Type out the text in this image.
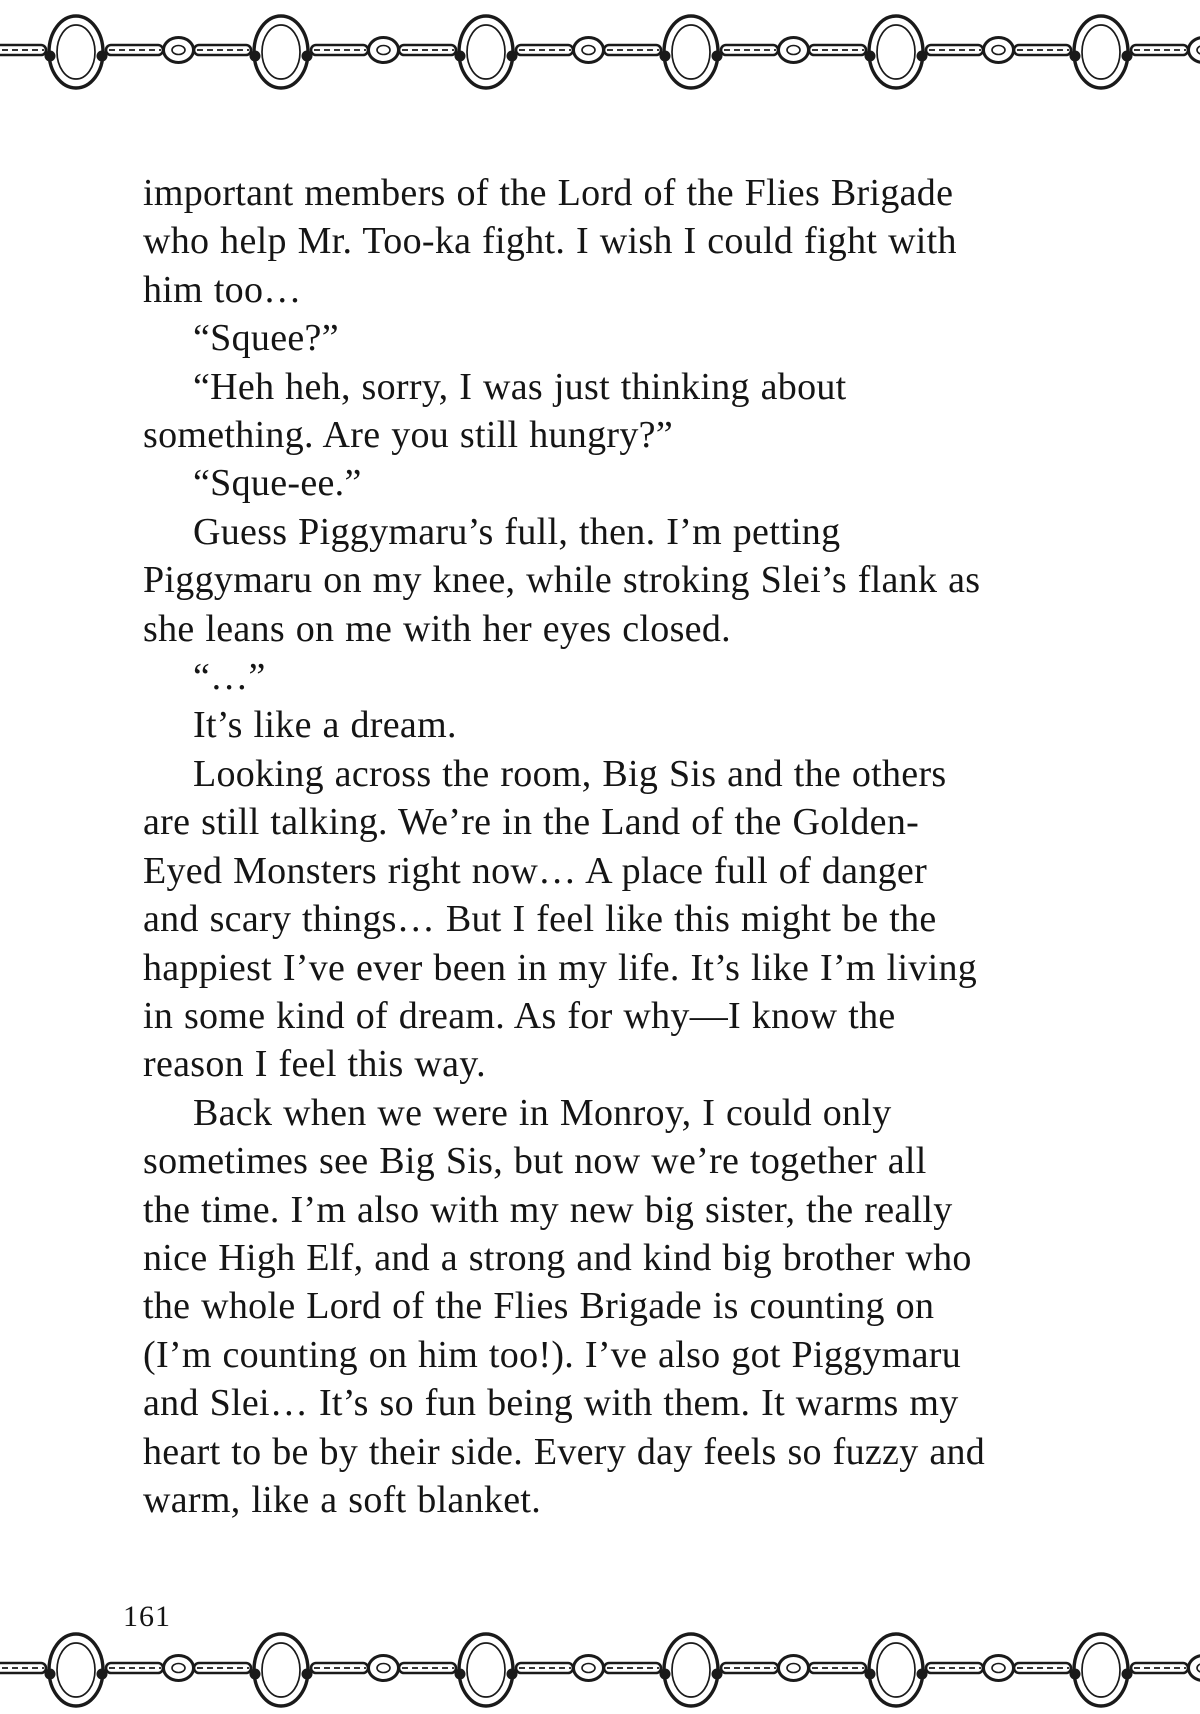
important members of the Lord of the Flies Brigade
who help Mr. Too-ka fight. I wish I could fight with
him too…
“Squee?”
“Heh heh, sorry, I was just thinking about
something. Are you still hungry?”
“Sque-ee.”
Guess Piggymaru’s full, then. I’m petting
Piggymaru on my knee, while stroking Slei’s flank as
she leans on me with her eyes closed.
“…”
It’s like a dream.
Looking across the room, Big Sis and the others
are still talking. We’re in the Land of the Golden-
Eyed Monsters right now… A place full of danger
and scary things… But I feel like this might be the
happiest I’ve ever been in my life. It’s like I’m living
in some kind of dream. As for why—I know the
reason I feel this way.
Back when we were in Monroy, I could only
sometimes see Big Sis, but now we’re together all
the time. I’m also with my new big sister, the really
nice High Elf, and a strong and kind big brother who
the whole Lord of the Flies Brigade is counting on
(I’m counting on him too!). I’ve also got Piggymaru
and Slei… It’s so fun being with them. It warms my
heart to be by their side. Every day feels so fuzzy and
warm, like a soft blanket.
161
